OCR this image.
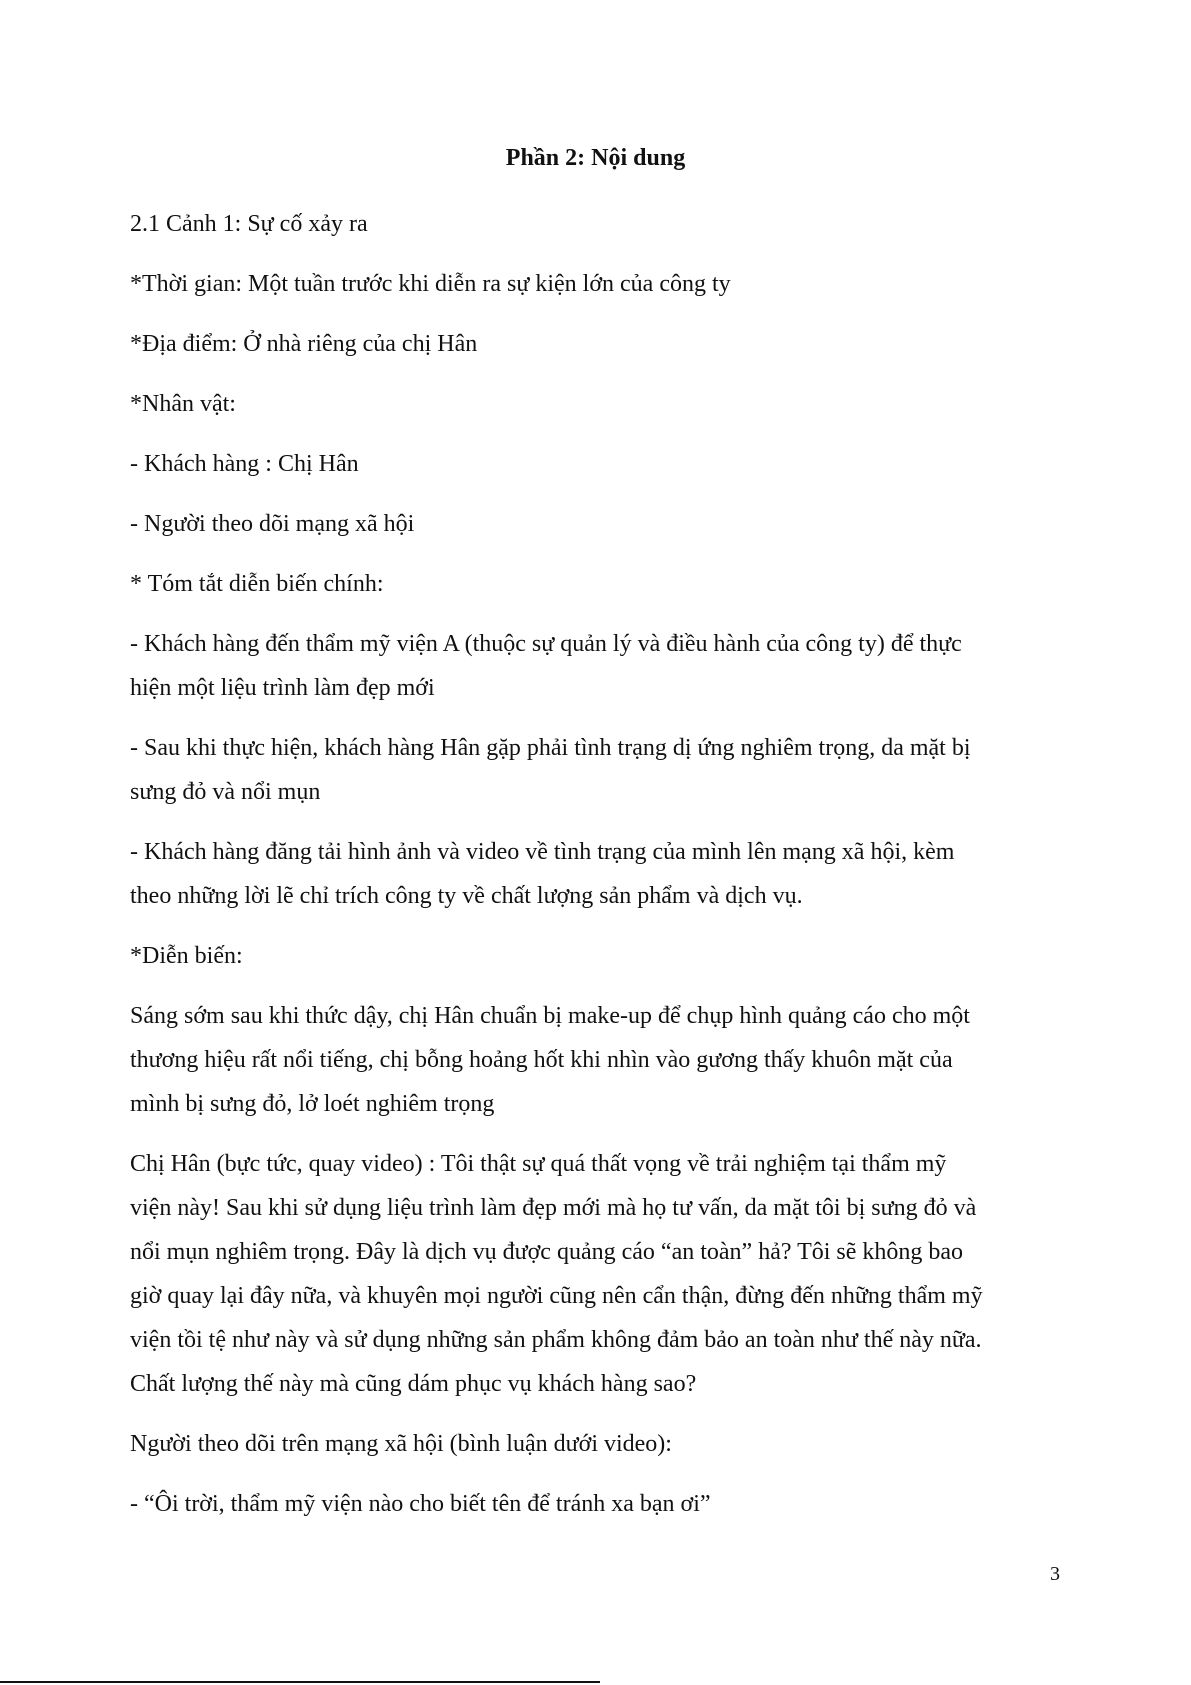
Phần 2: Nội dung

2.1 Cảnh 1: Sự cố xảy ra

*Thời gian: Một tuần trước khi diễn ra sự kiện lớn của công ty

*Địa điểm: Ở nhà riêng của chị Hân

*Nhân vật:

- Khách hàng : Chị Hân

- Người theo dõi mạng xã hội

* Tóm tắt diễn biến chính:

- Khách hàng đến thẩm mỹ viện A (thuộc sự quản lý và điều hành của công ty) để thực

hiện một liệu trình làm đẹp mới

- Sau khi thực hiện, khách hàng Hân gặp phải tình trạng dị ứng nghiêm trọng, da mặt bị

sưng đỏ và nổi mụn

- Khách hàng đăng tải hình ảnh và video về tình trạng của mình lên mạng xã hội, kèm

theo những lời lẽ chỉ trích công ty về chất lượng sản phẩm và dịch vụ.

*Diễn biến:

Sáng sớm sau khi thức dậy, chị Hân chuẩn bị make-up để chụp hình quảng cáo cho một

thương hiệu rất nổi tiếng, chị bỗng hoảng hốt khi nhìn vào gương thấy khuôn mặt của

mình bị sưng đỏ, lở loét nghiêm trọng

Chị Hân (bực tức, quay video) : Tôi thật sự quá thất vọng về trải nghiệm tại thẩm mỹ

viện này! Sau khi sử dụng liệu trình làm đẹp mới mà họ tư vấn, da mặt tôi bị sưng đỏ và

nổi mụn nghiêm trọng. Đây là dịch vụ được quảng cáo “an toàn” hả? Tôi sẽ không bao

giờ quay lại đây nữa, và khuyên mọi người cũng nên cẩn thận, đừng đến những thẩm mỹ

viện tồi tệ như này và sử dụng những sản phẩm không đảm bảo an toàn như thế này nữa.

Chất lượng thế này mà cũng dám phục vụ khách hàng sao?

Người theo dõi trên mạng xã hội (bình luận dưới video):

- “Ôi trời, thẩm mỹ viện nào cho biết tên để tránh xa bạn ơi”

3
